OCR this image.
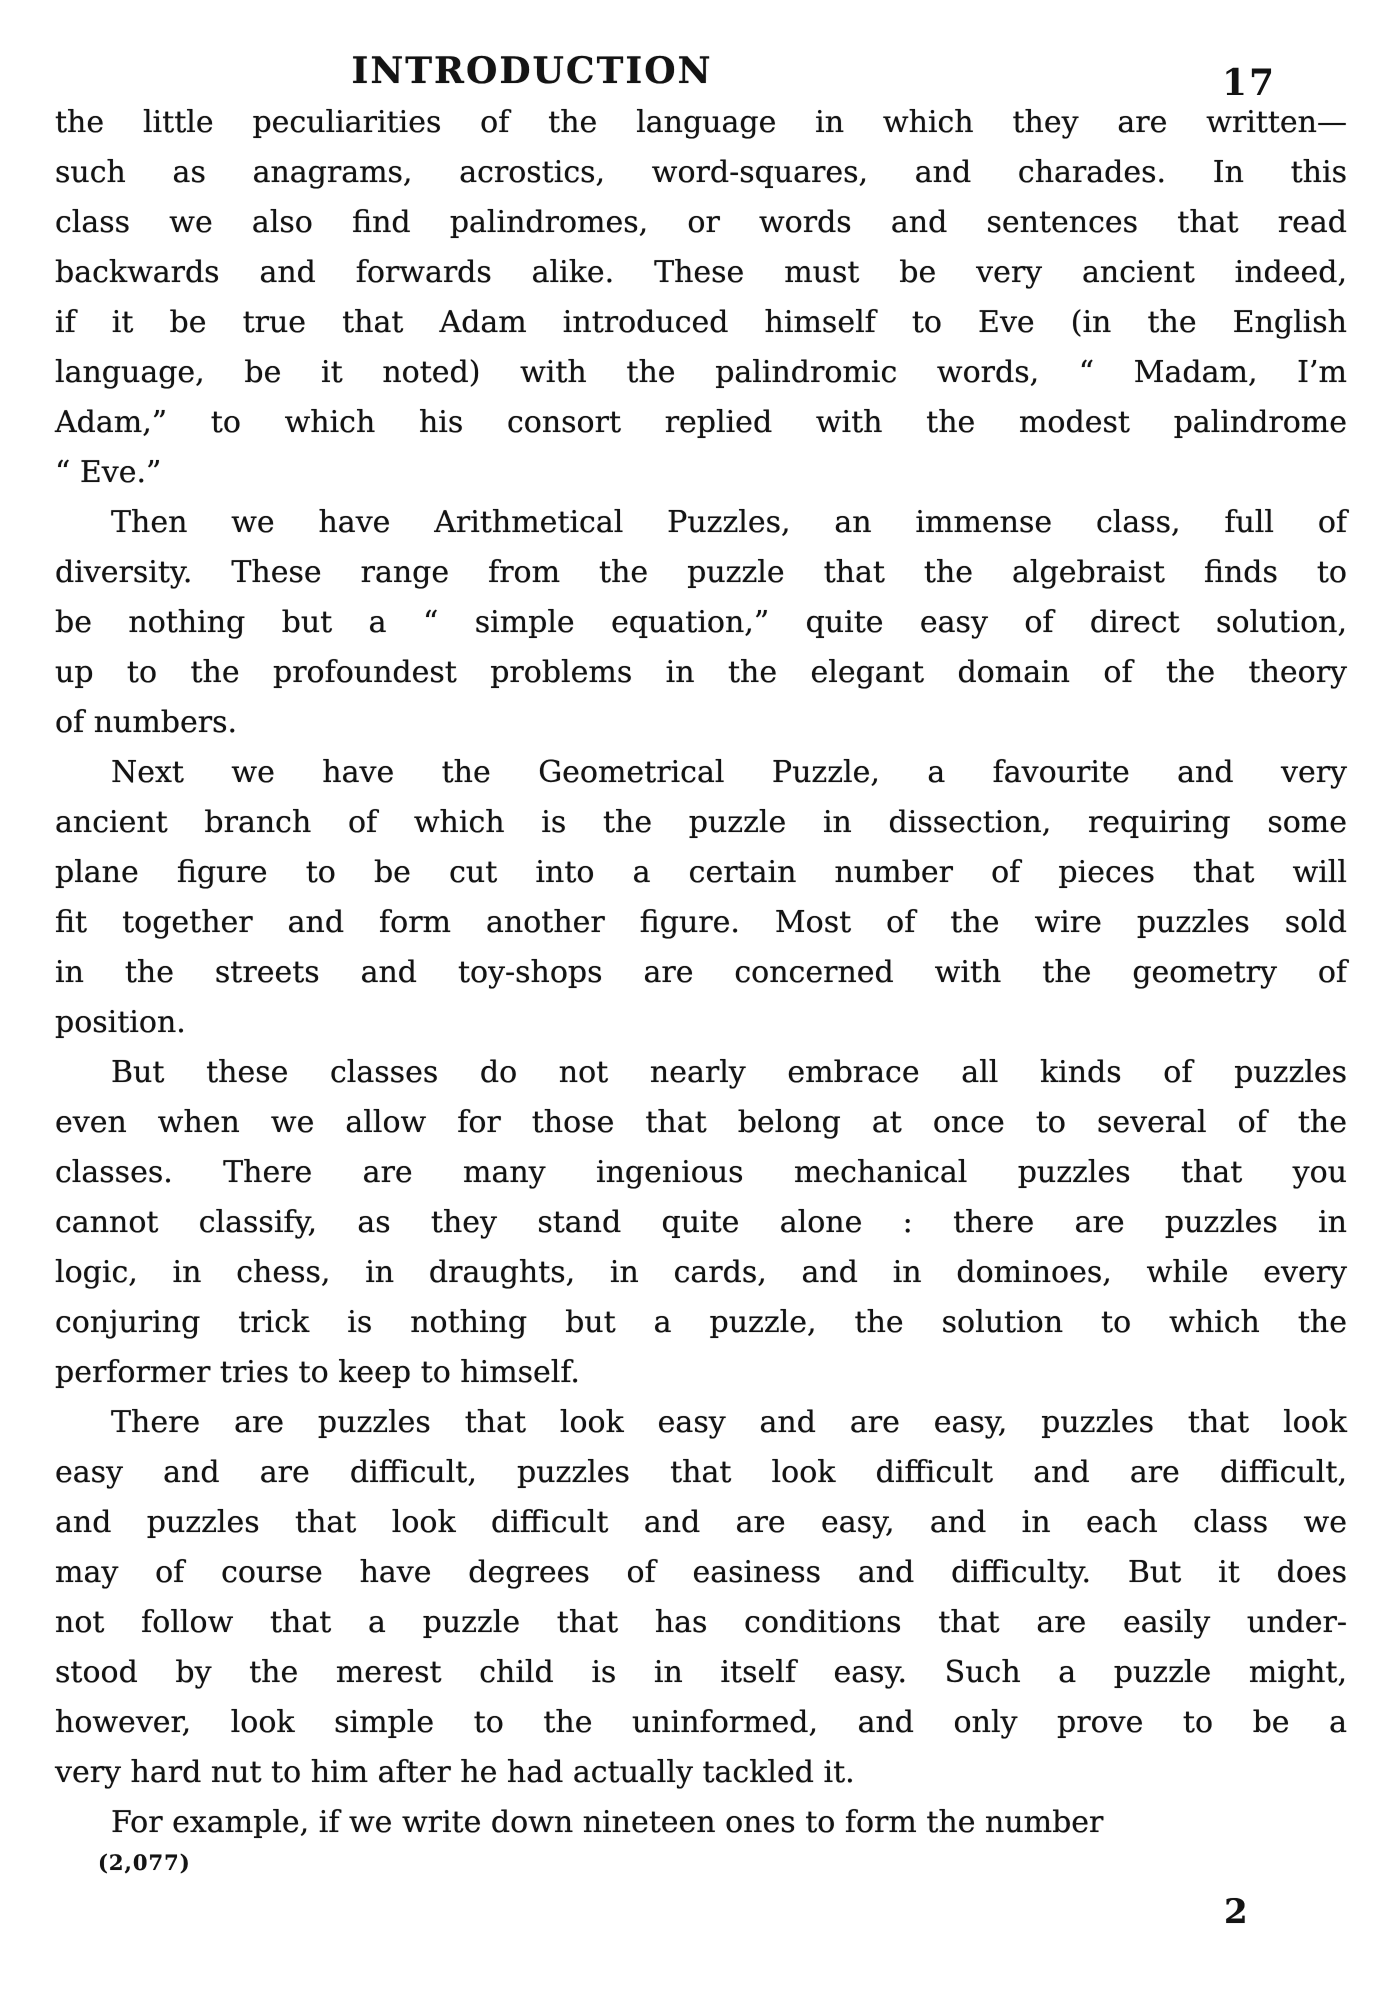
INTRODUCTION	17

the little peculiarities of the language in which they are written—
such as anagrams, acrostics, word-squares, and charades. In this
class we also find palindromes, or words and sentences that read
backwards and forwards alike. These must be very ancient indeed,
if it be true that Adam introduced himself to Eve (in the English
language, be it noted) with the palindromic words, “ Madam, I’m
Adam,” to which his consort replied with the modest palindrome
“ Eve.”

Then we have Arithmetical Puzzles, an immense class, full of
diversity. These range from the puzzle that the algebraist finds to
be nothing but a “ simple equation,” quite easy of direct solution,
up to the profoundest problems in the elegant domain of the theory
of numbers.

Next we have the Geometrical Puzzle, a favourite and very
ancient branch of which is the puzzle in dissection, requiring some
plane figure to be cut into a certain number of pieces that will
fit together and form another figure. Most of the wire puzzles sold
in the streets and toy-shops are concerned with the geometry of
position.

But these classes do not nearly embrace all kinds of puzzles
even when we allow for those that belong at once to several of the
classes. There are many ingenious mechanical puzzles that you
cannot classify, as they stand quite alone : there are puzzles in
logic, in chess, in draughts, in cards, and in dominoes, while every
conjuring trick is nothing but a puzzle, the solution to which the
performer tries to keep to himself.

There are puzzles that look easy and are easy, puzzles that look
easy and are difficult, puzzles that look difficult and are difficult,
and puzzles that look difficult and are easy, and in each class we
may of course have degrees of easiness and difficulty. But it does
not follow that a puzzle that has conditions that are easily under-
stood by the merest child is in itself easy. Such a puzzle might,
however, look simple to the uninformed, and only prove to be a
very hard nut to him after he had actually tackled it.

For example, if we write down nineteen ones to form the number

(2,077)
2
